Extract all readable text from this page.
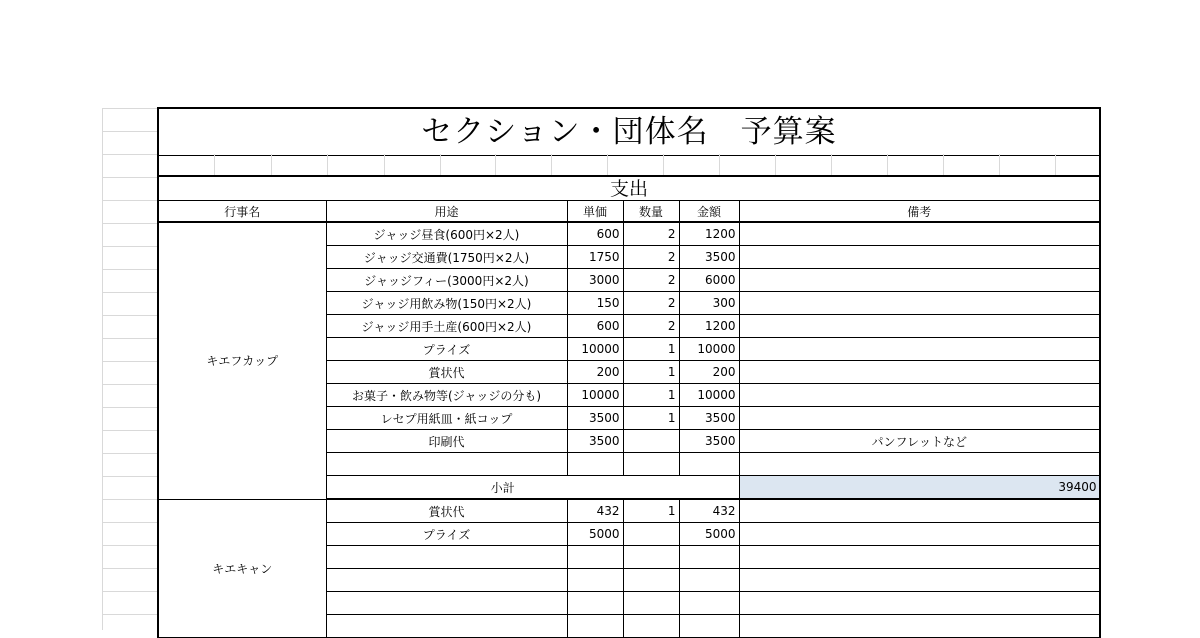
セクション・団体名　予算案
支出
行事名	用途	単価	数量	金額	備考	
キエフカップ	ジャッジ昼食(600円×2人)	600	2	1200		
	ジャッジ交通費(1750円×2人)	1750	2	3500		
	ジャッジフィー(3000円×2人)	3000	2	6000		
	ジャッジ用飲み物(150円×2人)	150	2	300		
	ジャッジ用手土産(600円×2人)	600	2	1200		
	プライズ	10000	1	10000		
	賞状代	200	1	200		
	お菓子・飲み物等(ジャッジの分も)	10000	1	10000		
	レセプ用紙皿・紙コップ	3500	1	3500		
	印刷代	3500		3500	パンフレットなど	

	小計				39400	
キエキャン	賞状代	432	1	432		
	プライズ	5000		5000		
